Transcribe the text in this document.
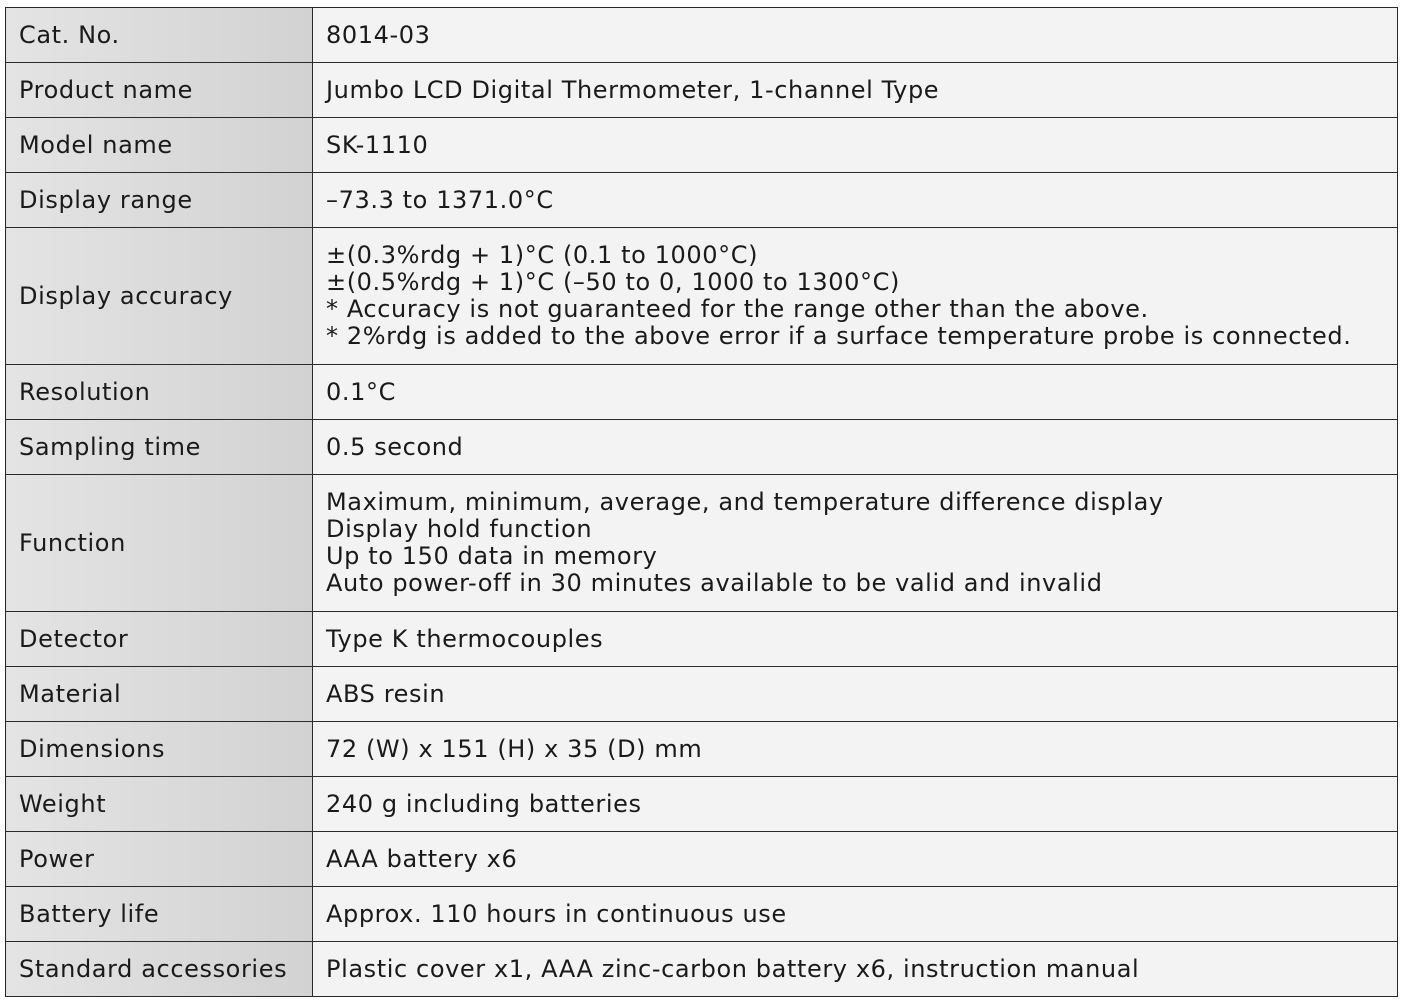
Cat. No.	8014-03

Product name	Jumbo LCD Digital Thermometer, 1-channel Type

Model name	SK-1110

Display range	–73.3 to 1371.0°C

Display accuracy	±(0.3%rdg + 1)°C (0.1 to 1000°C)
±(0.5%rdg + 1)°C (–50 to 0, 1000 to 1300°C)
* Accuracy is not guaranteed for the range other than the above.
* 2%rdg is added to the above error if a surface temperature probe is connected.

Resolution	0.1°C

Sampling time	0.5 second

Function	Maximum, minimum, average, and temperature difference display
Display hold function
Up to 150 data in memory
Auto power-off in 30 minutes available to be valid and invalid

Detector	Type K thermocouples

Material	ABS resin

Dimensions	72 (W) x 151 (H) x 35 (D) mm

Weight	240 g including batteries

Power	AAA battery x6

Battery life	Approx. 110 hours in continuous use

Standard accessories	Plastic cover x1, AAA zinc-carbon battery x6, instruction manual
